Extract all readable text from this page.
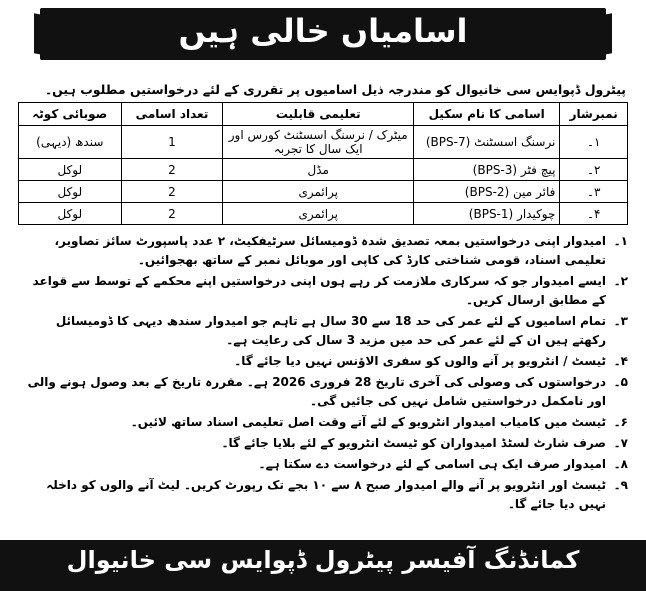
اسامیاں خالی ہیں
پیٹرول ڈپوایس سی خانیوال کو مندرجہ ذیل اسامیوں پر تقرری کے لئے درخواستیں مطلوب ہیں۔
نمبرشار	اسامی کا نام سکیل	تعلیمی قابلیت	تعداد اسامی	صوبائی کوٹہ
۱۔	نرسنگ اسسٹنٹ (BPS-7)	میٹرک / نرسنگ اسسٹنٹ کورس اور ایک سال کا تجربہ	1	سندھ (دیہی)
۲۔	پیچ فٹر (BPS-3)	مڈل	2	لوکل
۳۔	فائر مین (BPS-2)	پرائمری	2	لوکل
۴۔	چوکیدار (BPS-1)	پرائمری	2	لوکل
۱۔
امیدوار اپنی درخواستیں بمعہ تصدیق شدہ ڈومیسائل سرٹیفکیٹ، ۲ عدد پاسپورٹ سائز تصاویر، تعلیمی اسناد، قومی شناختی کارڈ کی کاپی اور موبائل نمبر کے ساتھ بھجوائیں۔
۲۔
ایسے امیدوار جو کہ سرکاری ملازمت کر رہے ہوں اپنی درخواستیں اپنے محکمے کے توسط سے قواعد کے مطابق ارسال کریں۔
۳۔
تمام اسامیوں کے لئے عمر کی حد 18 سے 30 سال ہے تاہم جو امیدوار سندھ دیہی کا ڈومیسائل رکھتے ہیں ان کے لئے عمر کی حد میں مزید 3 سال کی رعایت ہے۔
۴۔
ٹیسٹ / انٹرویو پر آنے والوں کو سفری الاؤنس نہیں دیا جائے گا۔
۵۔
درخواستوں کی وصولی کی آخری تاریخ 28 فروری 2026 ہے۔ مقررہ تاریخ کے بعد وصول ہونے والی اور نامکمل درخواستیں شامل نہیں کی جائیں گی۔
۶۔
ٹیسٹ میں کامیاب امیدوار انٹرویو کے لئے آتے وقت اصل تعلیمی اسناد ساتھ لائیں۔
۷۔
صرف شارٹ لسٹڈ امیدواران کو ٹیسٹ انٹرویو کے لئے بلایا جائے گا۔
۸۔
امیدوار صرف ایک ہی اسامی کے لئے درخواست دے سکتا ہے۔
۹۔
ٹیسٹ اور انٹرویو پر آنے والے امیدوار صبح ۸ سے ۱۰ بجے تک رپورٹ کریں۔ لیٹ آنے والوں کو داخلہ نہیں دیا جائے گا۔
کمانڈنگ آفیسر پیٹرول ڈپوایس سی خانیوال
